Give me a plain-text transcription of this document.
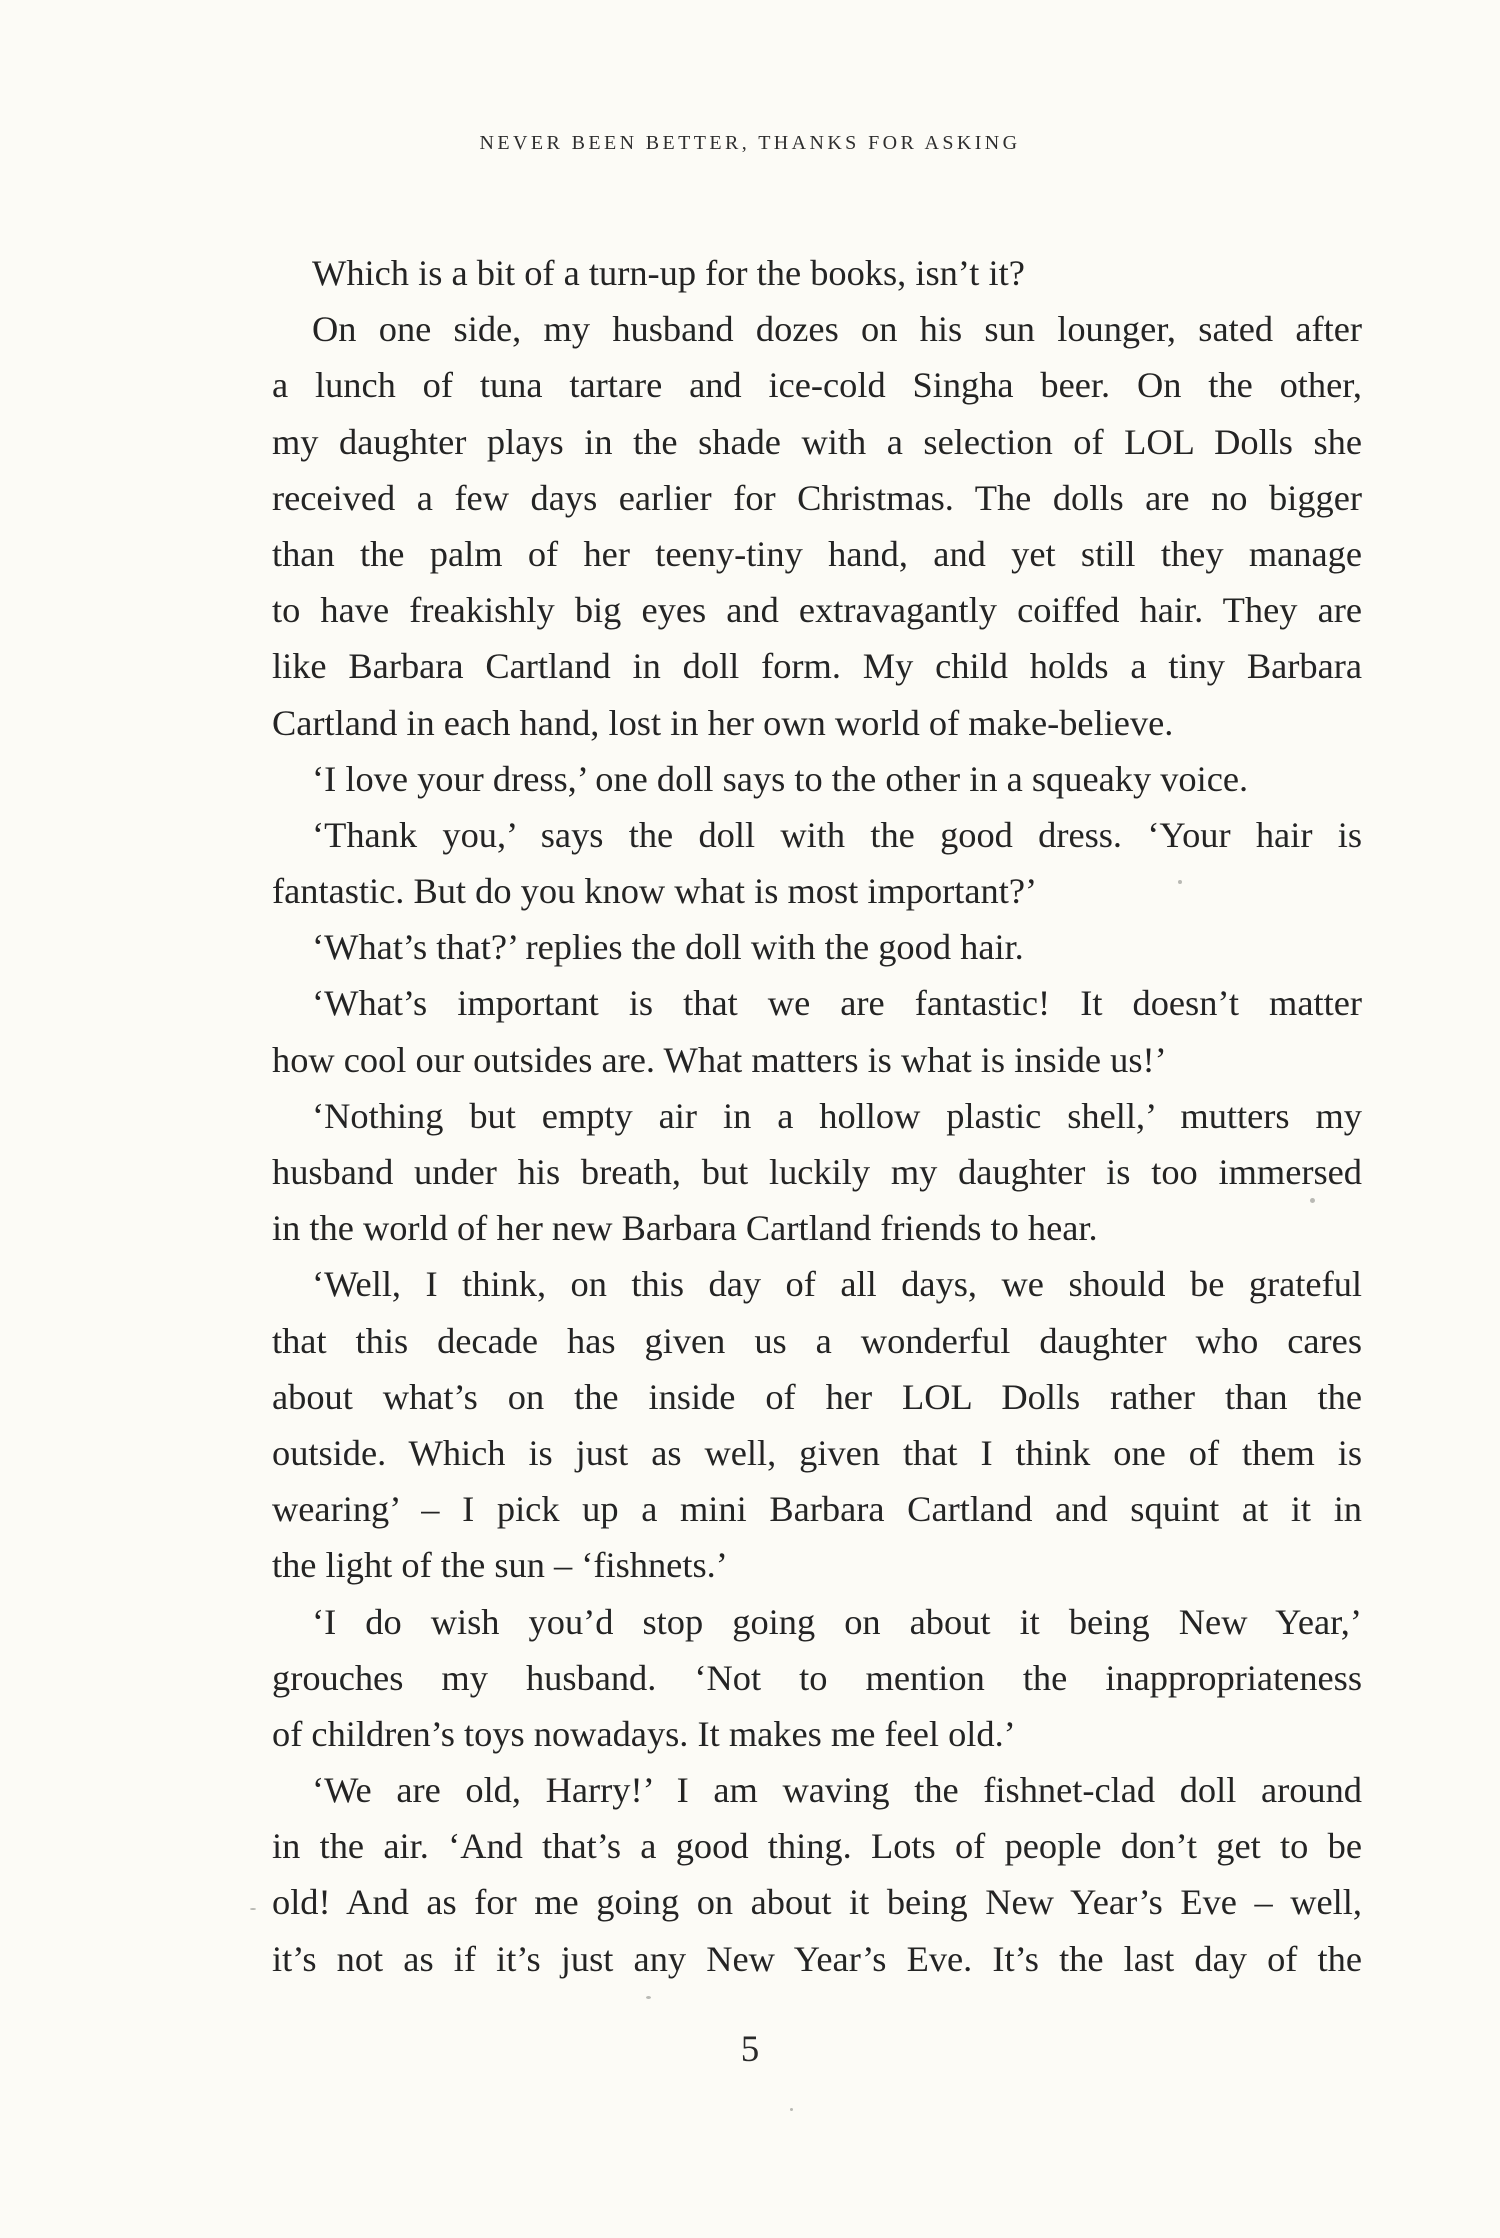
NEVER BEEN BETTER, THANKS FOR ASKING
Which is a bit of a turn-up for the books, isn’t it?
On one side, my husband dozes on his sun lounger, sated after
a lunch of tuna tartare and ice-cold Singha beer. On the other,
my daughter plays in the shade with a selection of LOL Dolls she
received a few days earlier for Christmas. The dolls are no bigger
than the palm of her teeny-tiny hand, and yet still they manage
to have freakishly big eyes and extravagantly coiffed hair. They are
like Barbara Cartland in doll form. My child holds a tiny Barbara
Cartland in each hand, lost in her own world of make-believe.
‘I love your dress,’ one doll says to the other in a squeaky voice.
‘Thank you,’ says the doll with the good dress. ‘Your hair is
fantastic. But do you know what is most important?’
‘What’s that?’ replies the doll with the good hair.
‘What’s important is that we are fantastic! It doesn’t matter
how cool our outsides are. What matters is what is inside us!’
‘Nothing but empty air in a hollow plastic shell,’ mutters my
husband under his breath, but luckily my daughter is too immersed
in the world of her new Barbara Cartland friends to hear.
‘Well, I think, on this day of all days, we should be grateful
that this decade has given us a wonderful daughter who cares
about what’s on the inside of her LOL Dolls rather than the
outside. Which is just as well, given that I think one of them is
wearing’ – I pick up a mini Barbara Cartland and squint at it in
the light of the sun – ‘fishnets.’
‘I do wish you’d stop going on about it being New Year,’
grouches my husband. ‘Not to mention the inappropriateness
of children’s toys nowadays. It makes me feel old.’
‘We are old, Harry!’ I am waving the fishnet-clad doll around
in the air. ‘And that’s a good thing. Lots of people don’t get to be
old! And as for me going on about it being New Year’s Eve – well,
it’s not as if it’s just any New Year’s Eve. It’s the last day of the
5
